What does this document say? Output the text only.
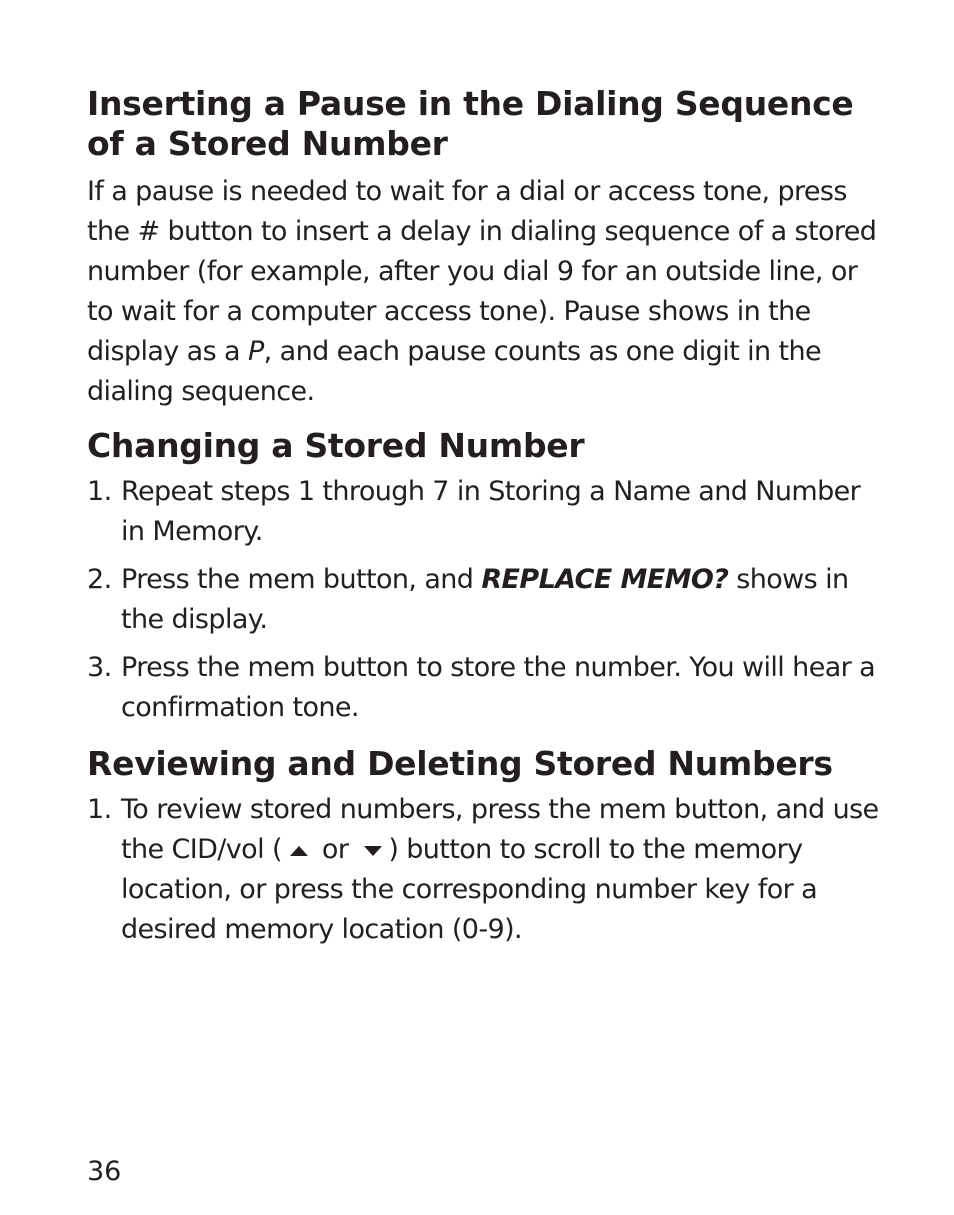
Inserting a Pause in the Dialing Sequence of a Stored Number

If a pause is needed to wait for a dial or access tone, press the # button to insert a delay in dialing sequence of a stored number (for example, after you dial 9 for an outside line, or to wait for a computer access tone). Pause shows in the display as a P, and each pause counts as one digit in the dialing sequence.

Changing a Stored Number
1. Repeat steps 1 through 7 in Storing a Name and Number in Memory.
2. Press the mem button, and REPLACE MEMO? shows in the display.
3. Press the mem button to store the number. You will hear a confirmation tone.
Reviewing and Deleting Stored Numbers
1. To review stored numbers, press the mem button, and use the CID/vol ( or ) button to scroll to the memory location, or press the corresponding number key for a desired memory location (0-9).
36
